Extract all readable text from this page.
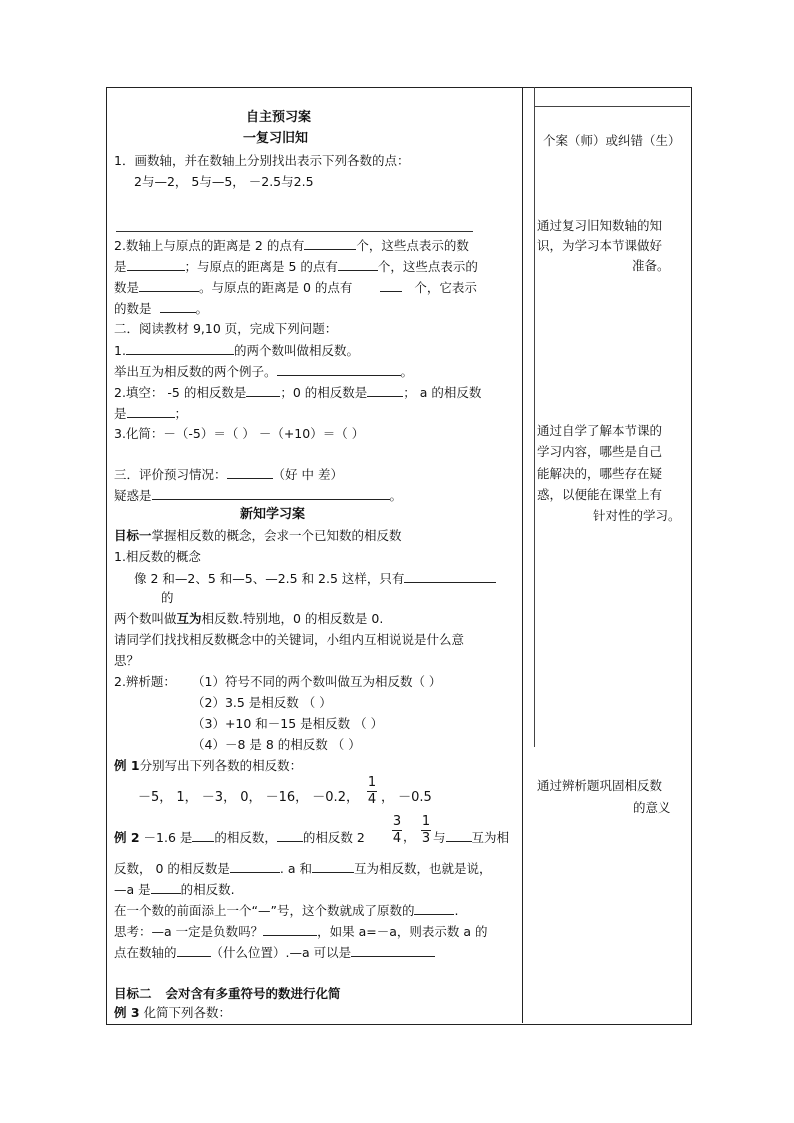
个案（师）或纠错（生）
通过复习旧知数轴的知
识，为学习本节课做好
准备。
通过自学了解本节课的
学习内容，哪些是自己
能解决的，哪些存在疑
惑，以便能在课堂上有
针对性的学习。
通过辨析题巩固相反数
的意义
自主预习案
一复习旧知
1．画数轴，并在数轴上分别找出表示下列各数的点：
2与—2， 5与—5， －2.5与2.5
2.数轴上与原点的距离是 2 的点有	个，这些点表示的数
是	；与原点的距离是 5 的点有	个，这些点表示的
数是	。与原点的距离是 0 的点有	个，它表示
的数是	。
二．阅读教材 9,10 页，完成下列问题：
1.	的两个数叫做相反数。
举出互为相反数的两个例子。	。
2.填空： -5 的相反数是	；0 的相反数是	； a 的相反数
是	；
3.化简：－（-5）＝（ ） －（+10）＝（ ）
三．评价预习情况：	（好 中 差）
疑惑是	。
新知学习案
目标一掌握相反数的概念，会求一个已知数的相反数
1.相反数的概念
像 2 和—2、5 和—5、—2.5 和 2.5 这样，只有
的
两个数叫做互为相反数.特别地，0 的相反数是 0.
请同学们找找相反数概念中的关键词，小组内互相说说是什么意
思？
2.辨析题： （1）符号不同的两个数叫做互为相反数（ ）
（2）3.5 是相反数 （ ）
（3）+10 和－15 是相反数 （ ）
（4）－8 是 8 的相反数 （ ）
例 1分别写出下列各数的相反数：
－5， 1， －3， 0， －16， －0.2，
1
4 ， －0.5
例 2 －1.6 是 的相反数， 的相反数 2
3
4 ，
1
3 与 互为相
反数， 0 的相反数是	. a 和	互为相反数，也就是说，
—a 是 的相反数.
在一个数的前面添上一个“—”号，这个数就成了原数的	.
思考：—a 一定是负数吗？	，如果 a=－a，则表示数 a 的
点在数轴的	（什么位置）.—a 可以是
目标二 会对含有多重符号的数进行化简
例 3 化简下列各数：
